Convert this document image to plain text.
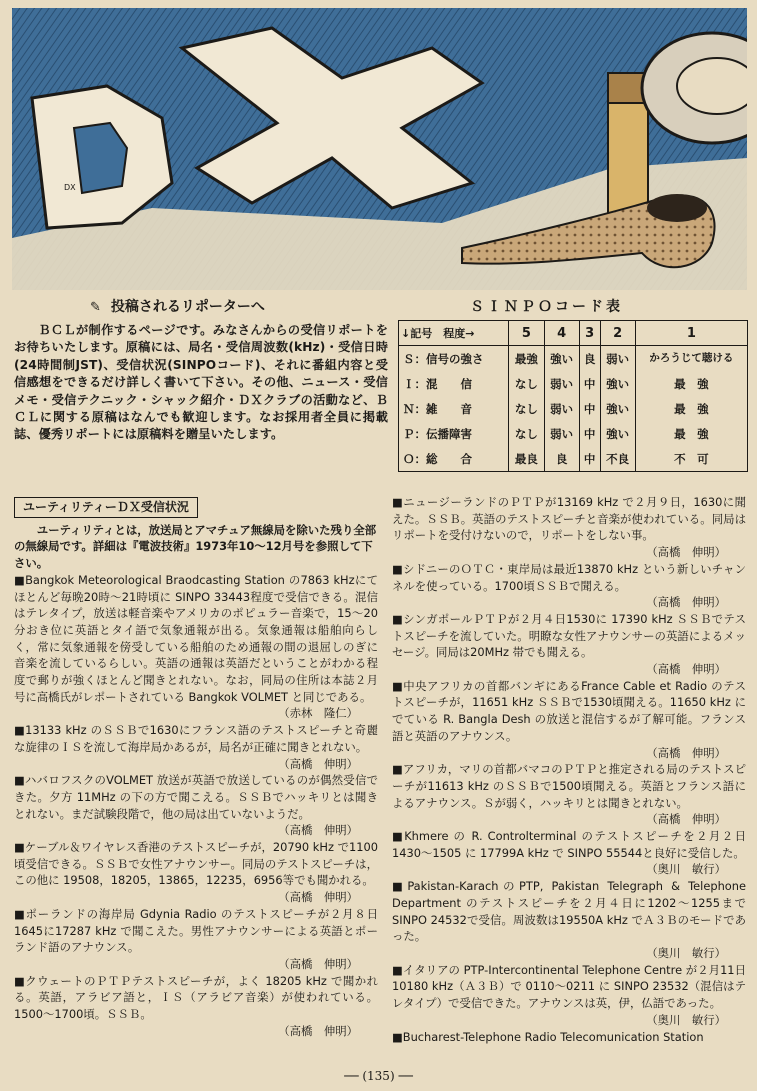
DX
✎ 投稿されるリポーターへ
ＢＣＬが制作するページです。みなさんからの受信リポートをお待ちいたします。原稿には、局名・受信周波数(kHz)・受信日時(24時間制JST)、受信状況(SINPOコード)、それに番組内容と受信感想をできるだけ詳しく書いて下さい。その他、ニュース・受信メモ・受信テクニック・シャック紹介・ＤＸクラブの活動など、ＢＣＬに関する原稿はなんでも歓迎します。なお採用者全員に掲載誌、優秀リポートには原稿料を贈呈いたします。
ＳＩＮＰＯコード表
↓記号　程度→	5	4	3	2	1
Ｓ：信号の強さ	最強	強い	良	弱い	かろうじて聴ける
Ｉ：混　　信	なし	弱い	中	強い	最　強
Ｎ：雑　　音	なし	弱い	中	強い	最　強
Ｐ：伝播障害	なし	弱い	中	強い	最　強
Ｏ：総　　合	最良	良	中	不良	不　可
ユーティリティーＤＸ受信状況
ユーティリティとは，放送局とアマチュア無線局を除いた残り全部の無線局です。詳細は『電波技術』1973年10～12月号を参照して下さい。

■Bangkok Meteorological Braodcasting Station の7863 kHzにてほとんど毎晩20時～21時頃に SINPO 33443程度で受信できる。混信はテレタイプ，放送は軽音楽やアメリカのポピュラー音楽で，15～20分おき位に英語とタイ語で気象通報が出る。気象通報は船舶向らしく，常に気象通報を傍受している船舶のため通報の間の退屈しのぎに音楽を流しているらしい。英語の通報は英語だということがわかる程度で郵りが強くほとんど聞きとれない。なお，同局の住所は本誌２月号に高橋氏がレポートされている Bangkok VOLMET と同じである。

（赤林　隆仁）

■13133 kHz のＳＳＢで1630にフランス語のテストスピーチと奇麗な旋律のＩＳを流して海岸局かあるが，局名が正確に聞きとれない。

（高橋　伸明）

■ハバロフスクのVOLMET 放送が英語で放送しているのが偶然受信できた。夕方 11MHz の下の方で聞こえる。ＳＳＢでハッキリとは聞きとれない。まだ試験段階で，他の局は出ていないようだ。

（高橋　伸明）

■ケーブル＆ワイヤレス香港のテストスピーチが，20790 kHz で1100頃受信できる。ＳＳＢで女性アナウンサー。同局のテストスピーチは，この他に 19508，18205，13865，12235，6956等でも聞かれる。

（高橋　伸明）

■ポーランドの海岸局 Gdynia Radio のテストスピーチが２月８日1645に17287 kHz で聞こえた。男性アナウンサーによる英語とポーランド語のアナウンス。

（高橋　伸明）

■クウェートのＰＴＰテストスピーチが，よく 18205 kHz で聞かれる。英語，アラビア語と，ＩＳ（アラビア音楽）が使われている。1500～1700頃。ＳＳＢ。

（高橋　伸明）

■ニュージーランドのＰＴＰが13169 kHz で２月９日，1630に聞えた。ＳＳＢ。英語のテストスピーチと音楽が使われている。同局はリポートを受付けないので，リポートをしない事。

（高橋　伸明）

■シドニーのＯＴＣ・東岸局は最近13870 kHz という新しいチャンネルを使っている。1700頃ＳＳＢで聞える。

（高橋　伸明）

■シンガポールＰＴＰが２月４日1530に 17390 kHz ＳＳＢでテストスピーチを流していた。明瞭な女性アナウンサーの英語によるメッセージ。同局は20MHz 帯でも聞える。

（高橋　伸明）

■中央アフリカの首都バンギにあるFrance Cable et Radio のテストスピーチが，11651 kHz ＳＳＢで1530頃聞える。11650 kHz にでている R. Bangla Desh の放送と混信するが了解可能。フランス語と英語のアナウンス。

（高橋　伸明）

■アフリカ，マリの首都バマコのＰＴＰと推定される局のテストスピーチが11613 kHz のＳＳＢで1500頃聞える。英語とフランス語によるアナウンス。Ｓが弱く，ハッキリとは聞きとれない。

（高橋　伸明）

■Khmere の R. Controlterminal のテストスピーチを２月２日1430～1505 に 17799A kHz で SINPO 55544と良好に受信した。

（奥川　敏行）

■Pakistan-KarachのPTP, Pakistan Telegraph & Telephone Department のテストスピーチを２月４日に1202～1255まで SINPO 24532で受信。周波数は19550A kHz でＡ３Ｂのモードであった。

（奥川　敏行）

■イタリアの PTP-Intercontinental Telephone Centre が２月11日10180 kHz（Ａ３Ｂ）で 0110～0211 に SINPO 23532（混信はテレタイプ）で受信できた。アナウンスは英，伊，仏語であった。

（奥川　敏行）

■Bucharest-Telephone Radio Telecomunication Station

── (135) ──
